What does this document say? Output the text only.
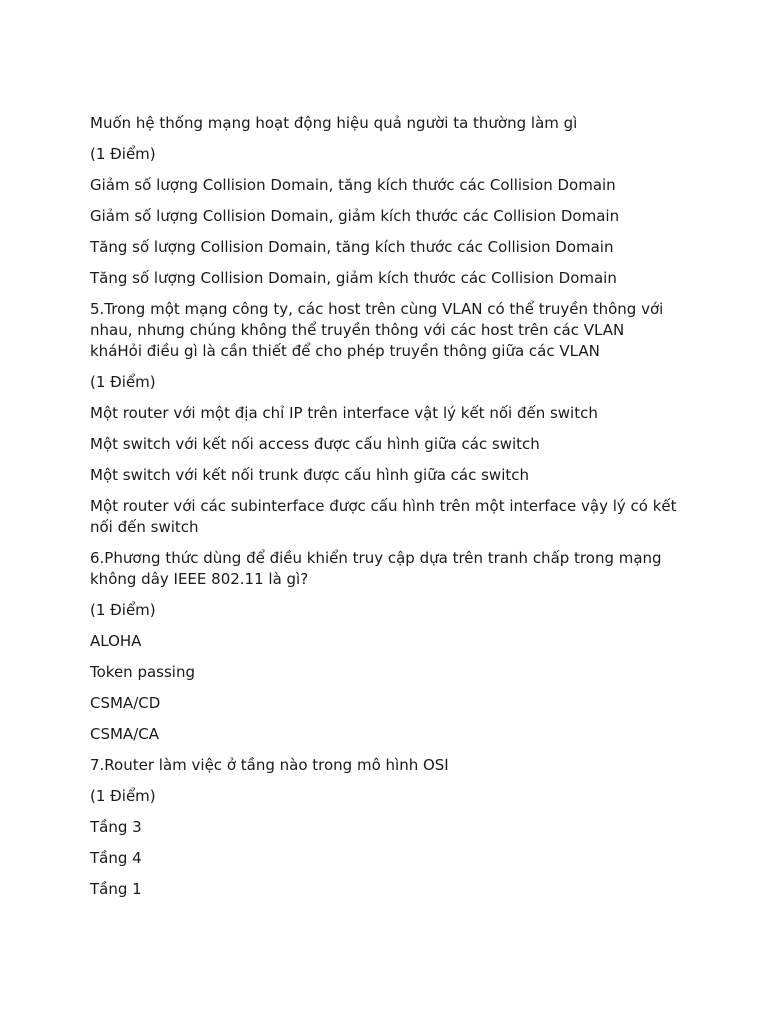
Muốn hệ thống mạng hoạt động hiệu quả người ta thường làm gì

(1 Điểm)

Giảm số lượng Collision Domain, tăng kích thước các Collision Domain

Giảm số lượng Collision Domain, giảm kích thước các Collision Domain

Tăng số lượng Collision Domain, tăng kích thước các Collision Domain

Tăng số lượng Collision Domain, giảm kích thước các Collision Domain

5.Trong một mạng công ty, các host trên cùng VLAN có thể truyền thông với nhau, nhưng chúng không thể truyền thông với các host trên các VLAN kháHỏi điều gì là cần thiết để cho phép truyền thông giữa các VLAN

(1 Điểm)

Một router với một địa chỉ IP trên interface vật lý kết nối đến switch

Một switch với kết nối access được cấu hình giữa các switch

Một switch với kết nối trunk được cấu hình giữa các switch

Một router với các subinterface được cấu hình trên một interface vậy lý có kết nối đến switch

6.Phương thức dùng để điều khiển truy cập dựa trên tranh chấp trong mạng không dây IEEE 802.11 là gì?

(1 Điểm)

ALOHA

Token passing

CSMA/CD

CSMA/CA

7.Router làm việc ở tầng nào trong mô hình OSI

(1 Điểm)

Tầng 3

Tầng 4

Tầng 1
